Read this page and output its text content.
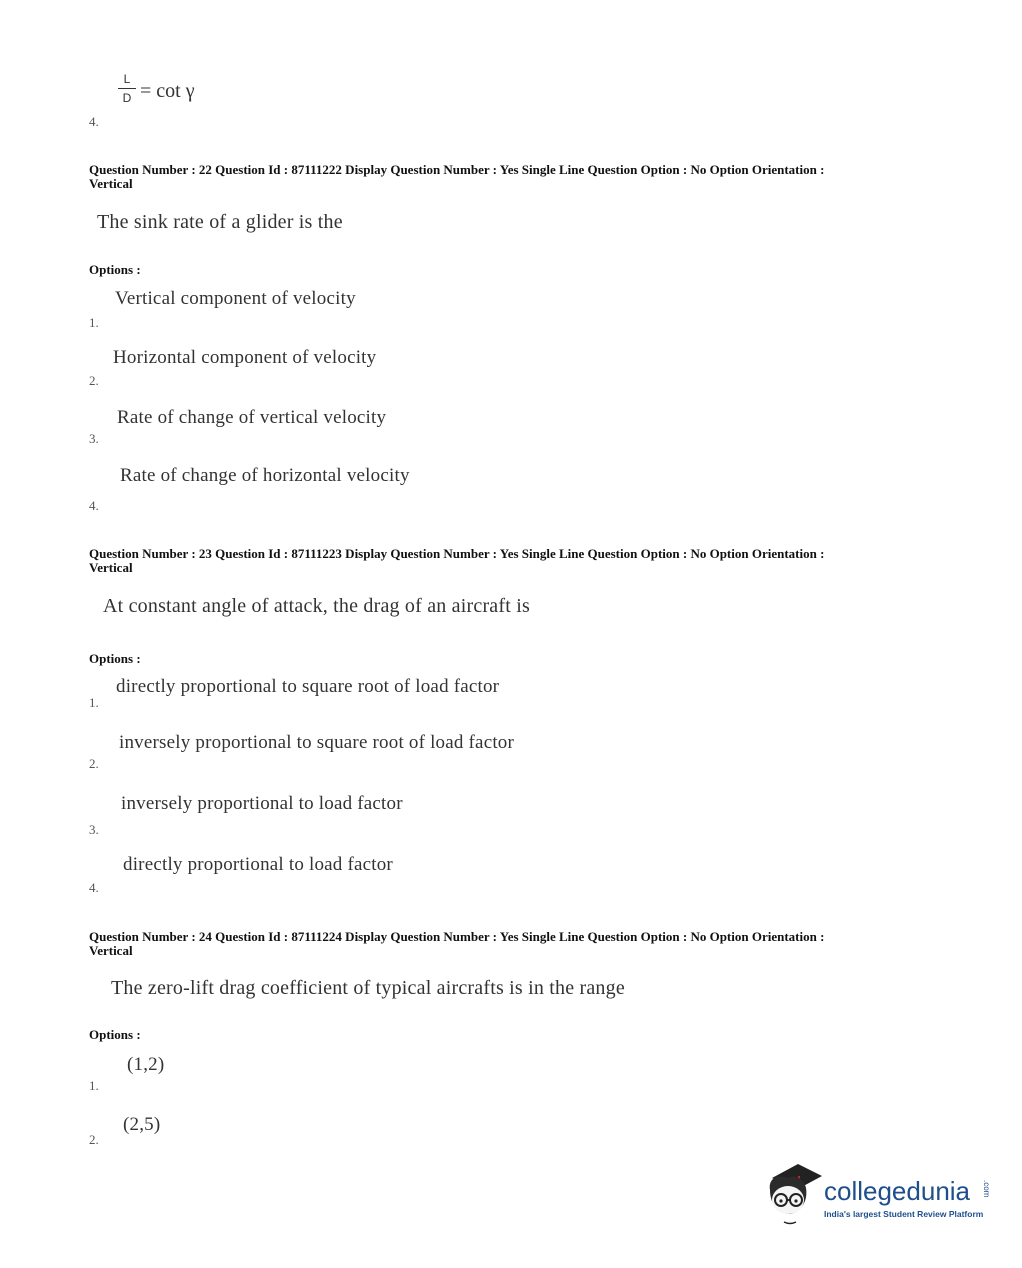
L
D = cot γ
4.
Question Number : 22 Question Id : 87111222 Display Question Number : Yes Single Line Question Option : No Option Orientation : Vertical
The sink rate of a glider is the
Options :
Vertical component of velocity
1.
Horizontal component of velocity
2.
Rate of change of vertical velocity
3.
Rate of change of horizontal velocity
4.
Question Number : 23 Question Id : 87111223 Display Question Number : Yes Single Line Question Option : No Option Orientation : Vertical
At constant angle of attack, the drag of an aircraft is
Options :
directly proportional to square root of load factor
1.
inversely proportional to square root of load factor
2.
inversely proportional to load factor
3.
directly proportional to load factor
4.
Question Number : 24 Question Id : 87111224 Display Question Number : Yes Single Line Question Option : No Option Orientation : Vertical
The zero-lift drag coefficient of typical aircrafts is in the range
Options :
(1,2)
1.
(2,5)
2.
collegedunia .com
India's largest Student Review Platform
